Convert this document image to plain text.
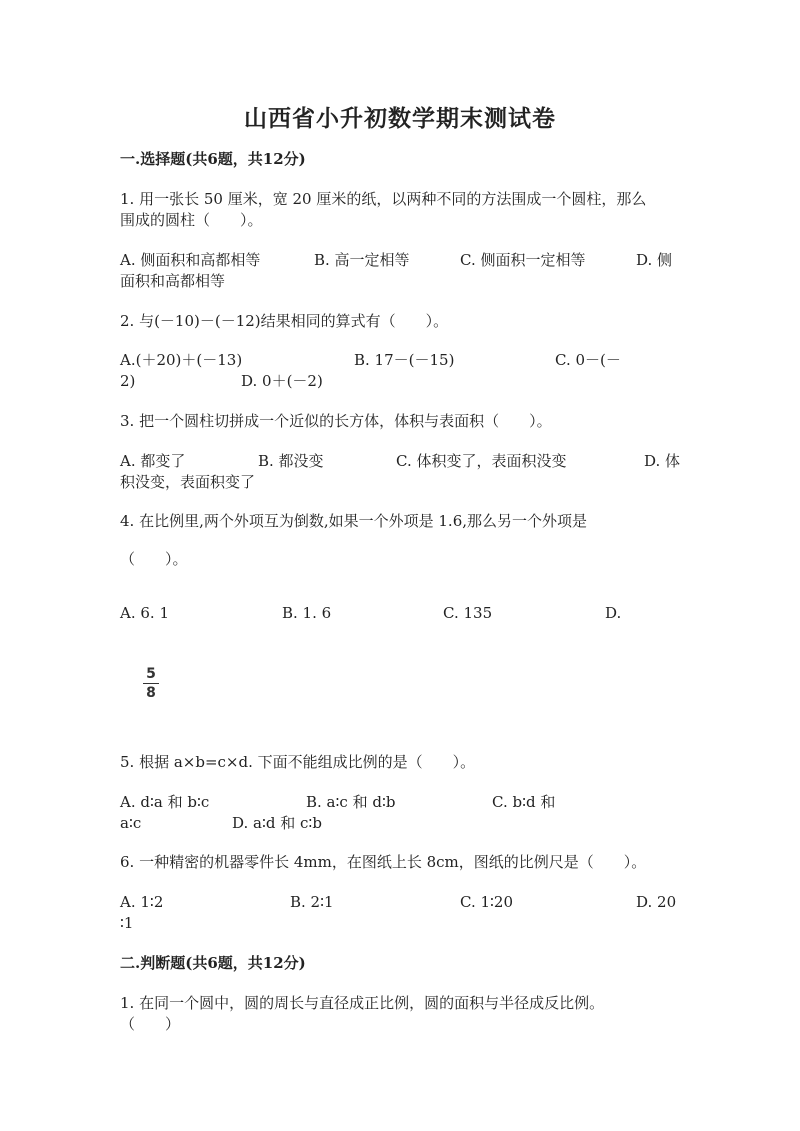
山西省小升初数学期末测试卷
一.选择题(共6题，共12分)
1. 用一张长 50 厘米，宽 20 厘米的纸，以两种不同的方法围成一个圆柱，那么
围成的圆柱（　　）。
A. 侧面积和高都相等	B. 高一定相等	C. 侧面积一定相等	D. 侧
面积和高都相等
2. 与(－10)－(－12)结果相同的算式有（　　）。
A.(＋20)＋(－13)	B. 17－(－15)	C. 0－(－
2)	D. 0＋(－2)
3. 把一个圆柱切拼成一个近似的长方体，体积与表面积（　　）。
A. 都变了	B. 都没变	C. 体积变了，表面积没变	D. 体
积没变，表面积变了
4. 在比例里,两个外项互为倒数,如果一个外项是 1.6,那么另一个外项是
（　　）。
A. 6. 1	B. 1. 6	C. 135	D.
5
8
5. 根据 a×b=c×d. 下面不能组成比例的是（　　）。
A. d∶a 和 b∶c	B. a∶c 和 d∶b	C. b∶d 和
a∶c	D. a∶d 和 c∶b
6. 一种精密的机器零件长 4mm，在图纸上长 8cm，图纸的比例尺是（　　）。
A. 1∶2	B. 2∶1	C. 1∶20	D. 20
∶1
二.判断题(共6题，共12分)
1. 在同一个圆中，圆的周长与直径成正比例，圆的面积与半径成反比例。
（　　）
